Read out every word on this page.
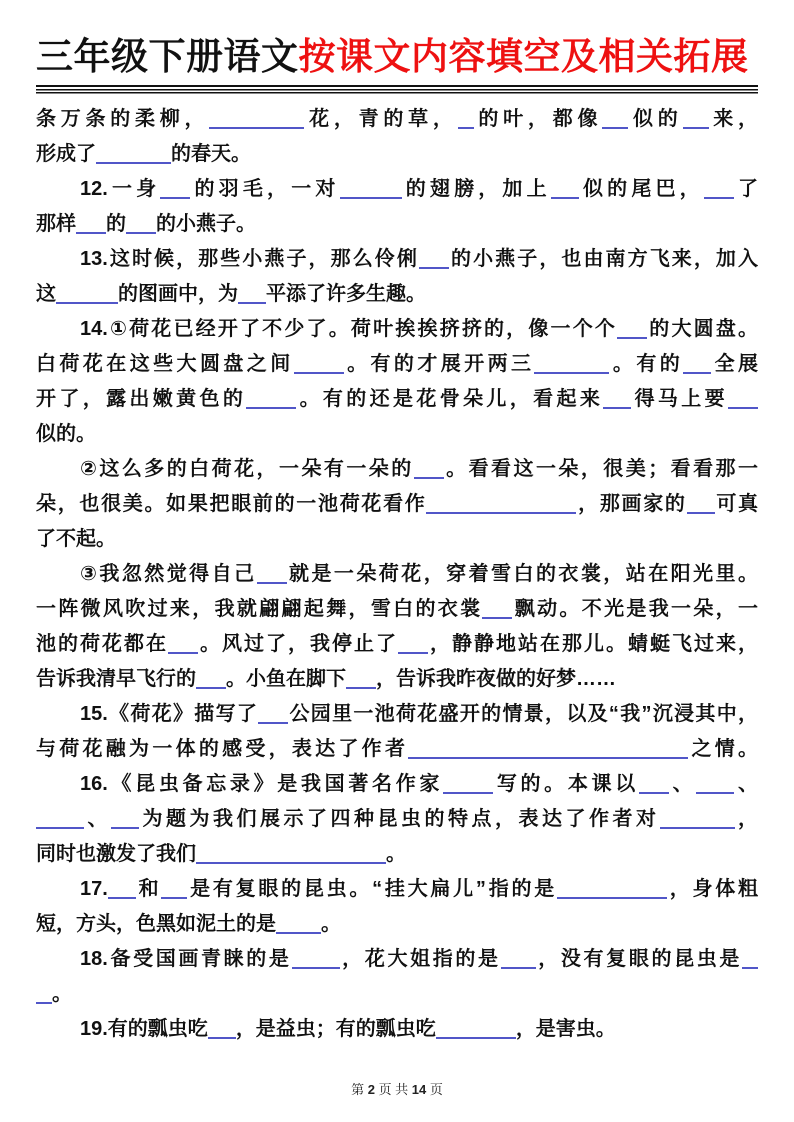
三年级下册语文按课文内容填空及相关拓展
条万条的柔柳，	花，青的草， 的叶，都像 似的 来，
形成了	的春天。
12.一身 的羽毛，一对	的翅膀，加上 似的尾巴， 了
那样 的 的小燕子。
13.这时候，那些小燕子，那么伶俐 的小燕子，也由南方飞来，加入
这	的图画中，为 平添了许多生趣。
14.①荷花已经开了不少了。荷叶挨挨挤挤的，像一个个 的大圆盘。
白荷花在这些大圆盘之间	。有的才展开两三	。有的 全展
开了，露出嫩黄色的	。有的还是花骨朵儿，看起来 得马上要
似的。
②这么多的白荷花，一朵有一朵的 。看看这一朵，很美；看看那一
朵，也很美。如果把眼前的一池荷花看作	，那画家的 可真
了不起。
③我忽然觉得自己 就是一朵荷花，穿着雪白的衣裳，站在阳光里。
一阵微风吹过来，我就翩翩起舞，雪白的衣裳 飘动。不光是我一朵，一
池的荷花都在 。风过了，我停止了 ，静静地站在那儿。蜻蜓飞过来，
告诉我清早飞行的 。小鱼在脚下 ，告诉我昨夜做的好梦……
15.《荷花》描写了 公园里一池荷花盛开的情景，以及“我”沉浸其中，
与荷花融为一体的感受，表达了作者	之情。
16.《昆虫备忘录》是我国著名作家	写的。本课以 、 、
、 为题为我们展示了四种昆虫的特点，表达了作者对	，
同时也激发了我们	。
17. 和 是有复眼的昆虫。“挂大扁儿”指的是	，身体粗
短，方头，色黑如泥土的是 。
18.备受国画青睐的是 ，花大姐指的是 ，没有复眼的昆虫是
。
19.有的瓢虫吃 ，是益虫；有的瓢虫吃	，是害虫。
第 2 页 共 14 页
